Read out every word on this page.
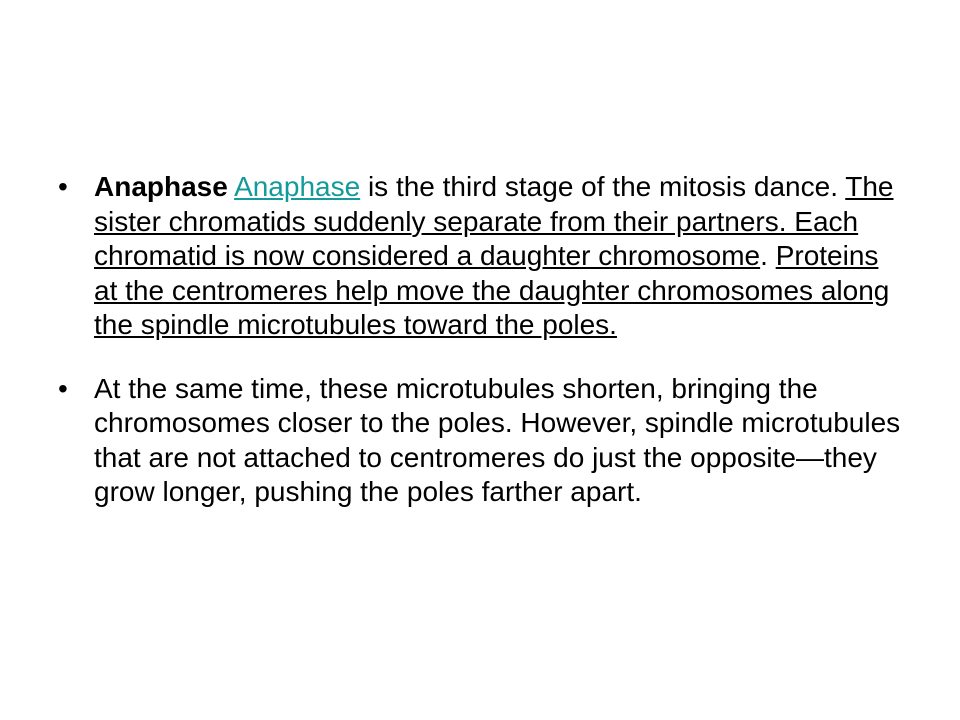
• Anaphase Anaphase is the third stage of the mitosis dance. The sister chromatids suddenly separate from their partners. Each chromatid is now considered a daughter chromosome. Proteins at the centromeres help move the daughter chromosomes along the spindle microtubules toward the poles.
• At the same time, these microtubules shorten, bringing the chromosomes closer to the poles. However, spindle microtubules that are not attached to centromeres do just the opposite—they grow longer, pushing the poles farther apart.
